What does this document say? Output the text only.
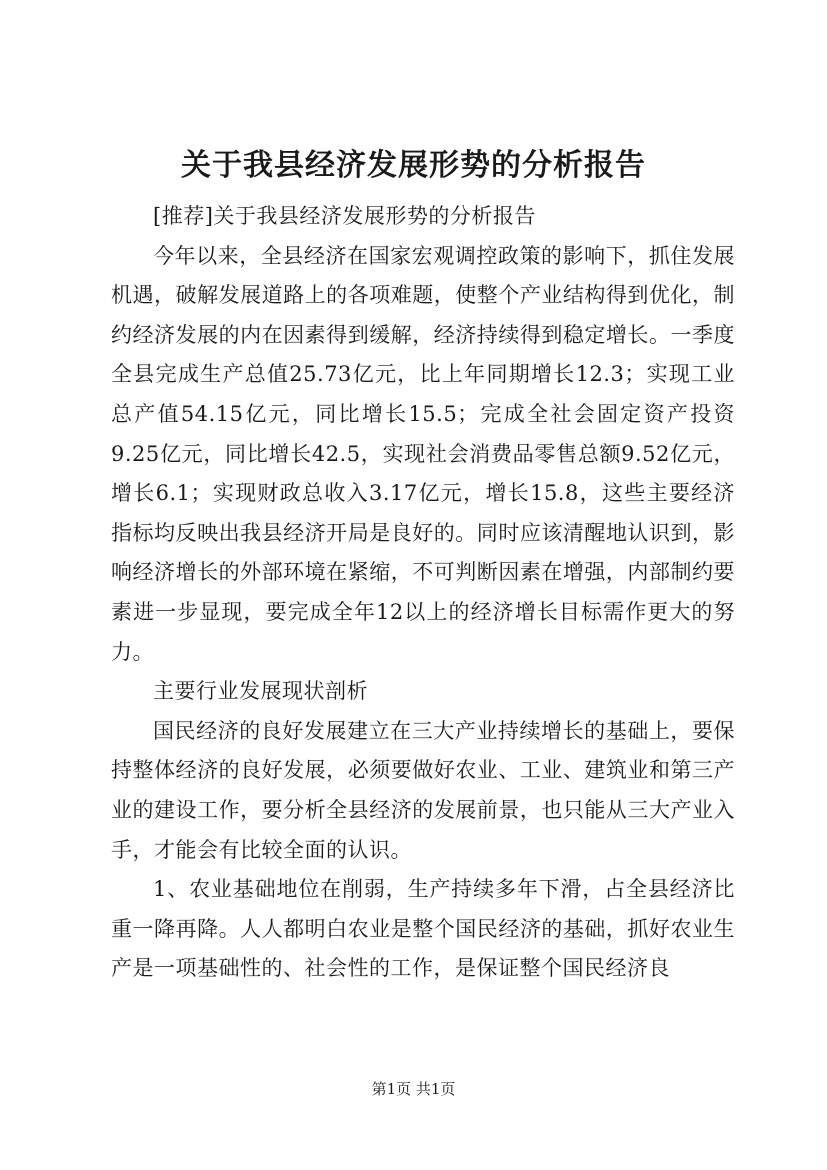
关于我县经济发展形势的分析报告

[推荐]关于我县经济发展形势的分析报告

今年以来，全县经济在国家宏观调控政策的影响下，抓住发展机遇，破解发展道路上的各项难题，使整个产业结构得到优化，制约经济发展的内在因素得到缓解，经济持续得到稳定增长。一季度全县完成生产总值25.73亿元，比上年同期增长12.3；实现工业总产值54.15亿元，同比增长15.5；完成全社会固定资产投资9.25亿元，同比增长42.5，实现社会消费品零售总额9.52亿元，增长6.1；实现财政总收入3.17亿元，增长15.8，这些主要经济指标均反映出我县经济开局是良好的。同时应该清醒地认识到，影响经济增长的外部环境在紧缩，不可判断因素在增强，内部制约要素进一步显现，要完成全年12以上的经济增长目标需作更大的努力。

主要行业发展现状剖析

国民经济的良好发展建立在三大产业持续增长的基础上，要保持整体经济的良好发展，必须要做好农业、工业、建筑业和第三产业的建设工作，要分析全县经济的发展前景，也只能从三大产业入手，才能会有比较全面的认识。

1、农业基础地位在削弱，生产持续多年下滑，占全县经济比重一降再降。人人都明白农业是整个国民经济的基础，抓好农业生产是一项基础性的、社会性的工作，是保证整个国民经济良

第1页 共1页
